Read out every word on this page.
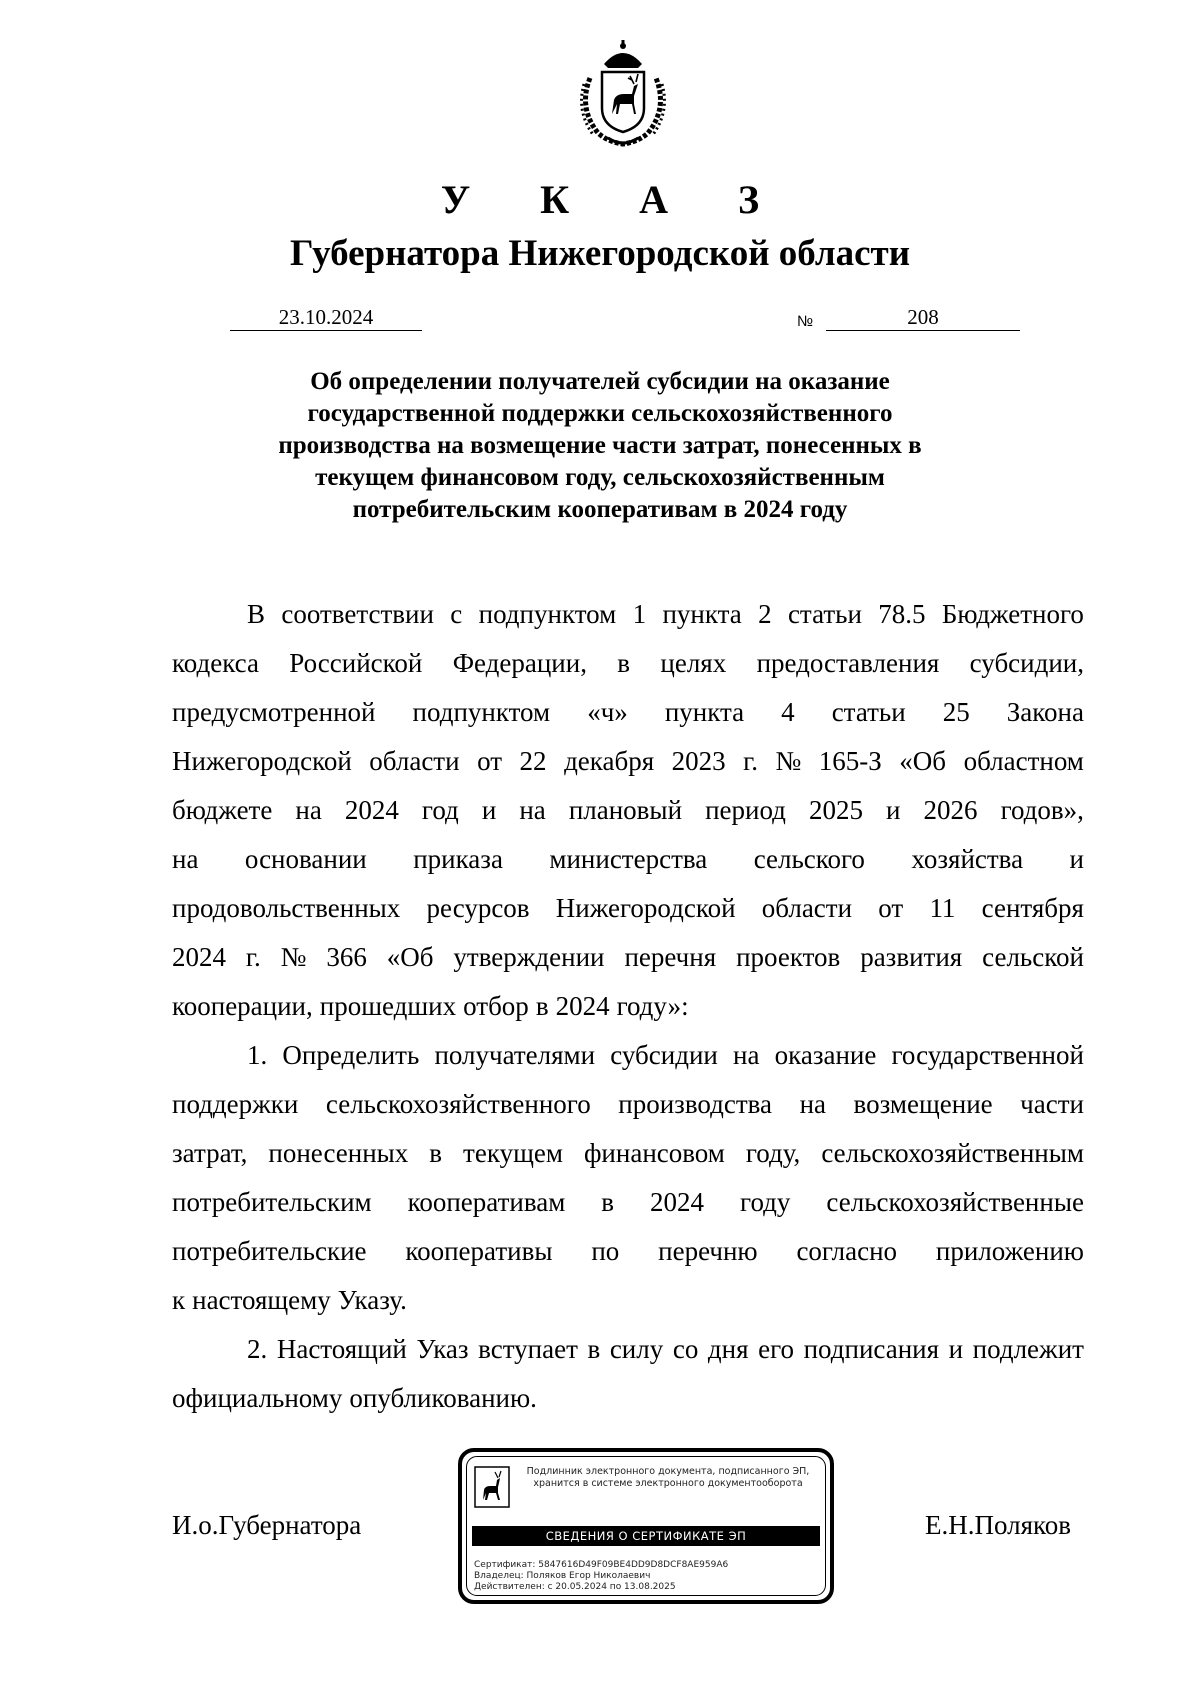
У К А З
Губернатора Нижегородской области
23.10.2024	№	208
Об определении получателей субсидии на оказание
государственной поддержки сельскохозяйственного
производства на возмещение части затрат, понесенных в
текущем финансовом году, сельскохозяйственным
потребительским кооперативам в 2024 году
В соответствии с подпунктом 1 пункта 2 статьи 78.5 Бюджетного
кодекса Российской Федерации, в целях предоставления субсидии,
предусмотренной подпунктом «ч» пункта 4 статьи 25 Закона
Нижегородской области от 22 декабря 2023 г. № 165-З «Об областном
бюджете на 2024 год и на плановый период 2025 и 2026 годов»,
на основании приказа министерства сельского хозяйства и
продовольственных ресурсов Нижегородской области от 11 сентября
2024 г. № 366 «Об утверждении перечня проектов развития сельской
кооперации, прошедших отбор в 2024 году»:
1. Определить получателями субсидии на оказание государственной
поддержки сельскохозяйственного производства на возмещение части
затрат, понесенных в текущем финансовом году, сельскохозяйственным
потребительским кооперативам в 2024 году сельскохозяйственные
потребительские кооперативы по перечню согласно приложению
к настоящему Указу.
2. Настоящий Указ вступает в силу со дня его подписания и подлежит
официальному опубликованию.
И.о.Губернатора	Е.Н.Поляков
Подлинник электронного документа, подписанного ЭП,
хранится в системе электронного документооборота
СВЕДЕНИЯ О СЕРТИФИКАТЕ ЭП
Сертификат: 5847616D49F09BE4DD9D8DCF8AE959A6
Владелец: Поляков Егор Николаевич
Действителен: с 20.05.2024 по 13.08.2025
